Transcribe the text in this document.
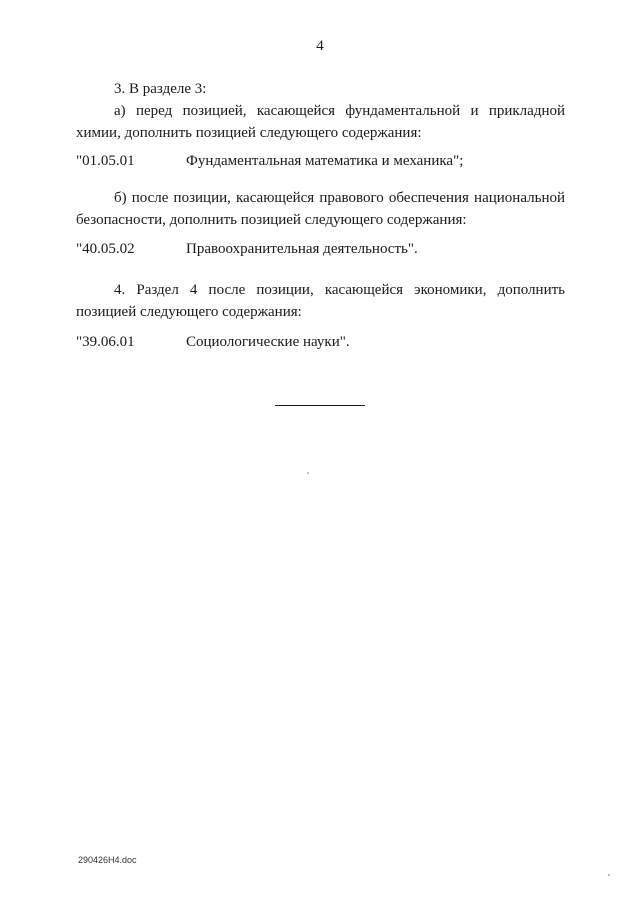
4
3. В разделе 3:
а) перед позицией, касающейся фундаментальной и прикладной химии, дополнить позицией следующего содержания:
"01.05.01	Фундаментальная математика и механика";
б) после позиции, касающейся правового обеспечения национальной безопасности, дополнить позицией следующего содержания:
"40.05.02	Правоохранительная деятельность".
4. Раздел 4 после позиции, касающейся экономики, дополнить позицией следующего содержания:
"39.06.01	Социологические науки".
290426H4.doc
